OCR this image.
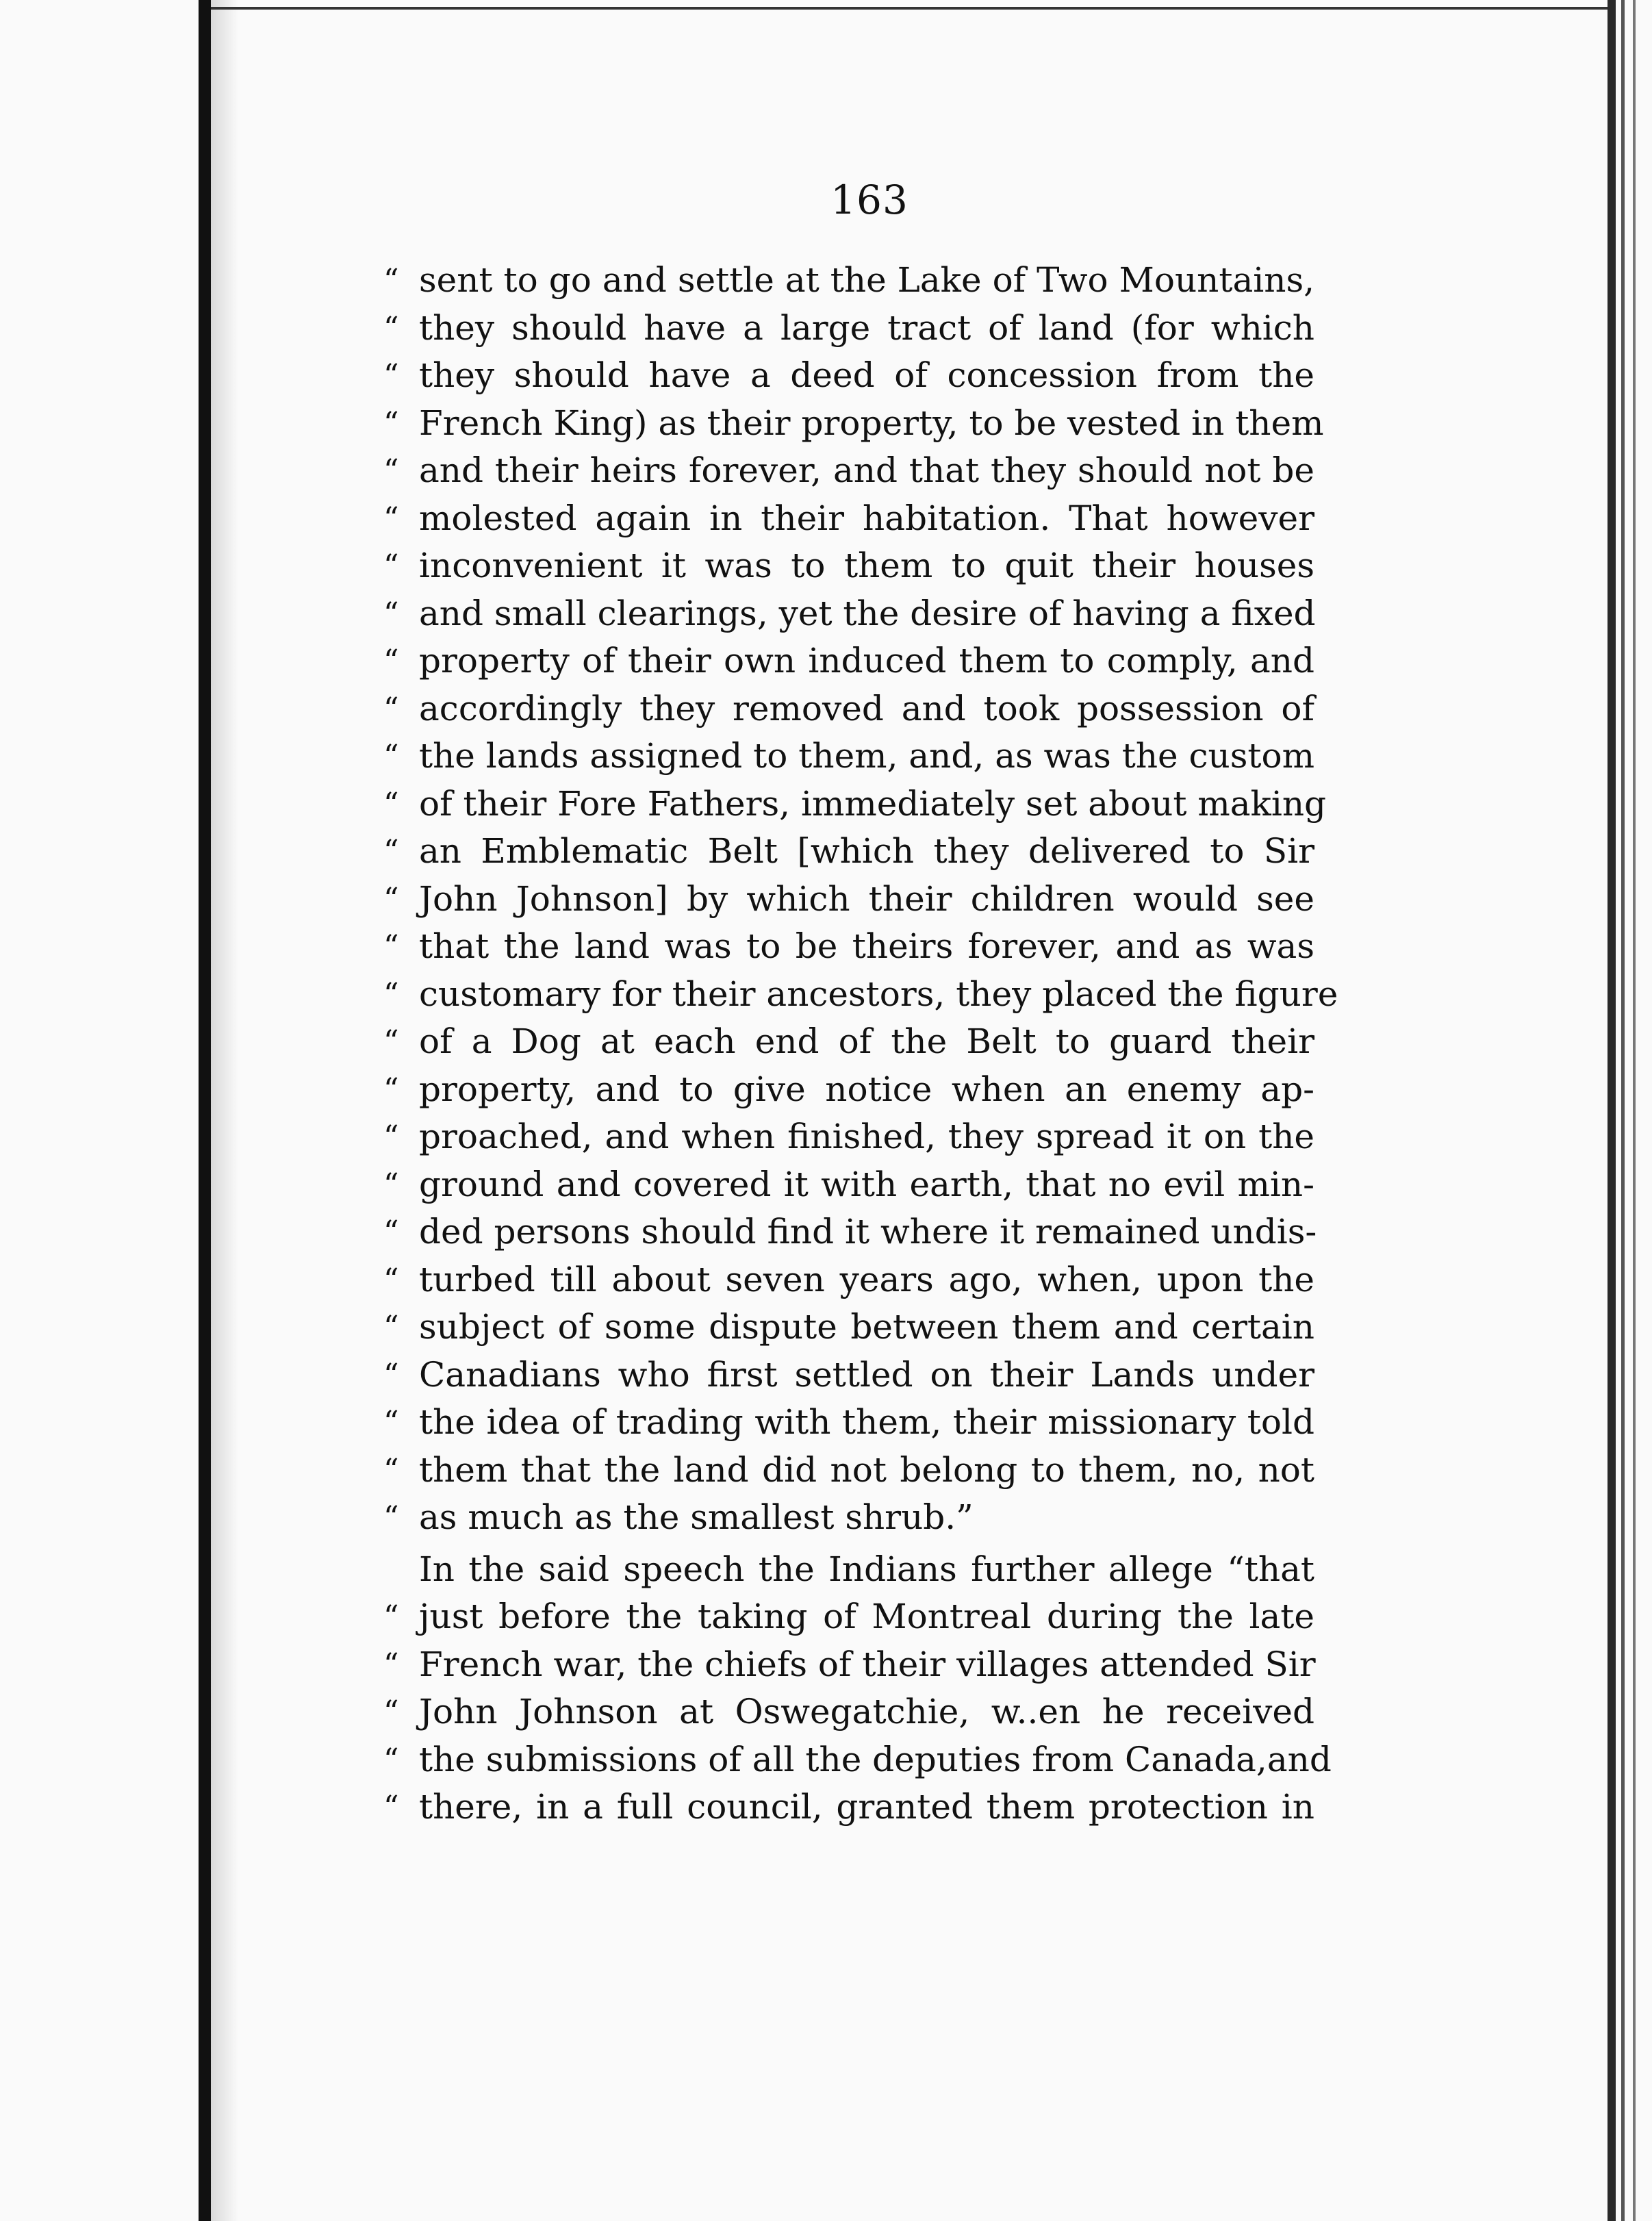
163
“ sent to go and settle at the Lake of Two Mountains,
“ they should have a large tract of land (for which
“ they should have a deed of concession from the
“ French King) as their property, to be vested in them
“ and their heirs forever, and that they should not be
“ molested again in their habitation. That however
“ inconvenient it was to them to quit their houses
“ and small clearings, yet the desire of having a fixed
“ property of their own induced them to comply, and
“ accordingly they removed and took possession of
“ the lands assigned to them, and, as was the custom
“ of their Fore Fathers, immediately set about making
“ an Emblematic Belt [which they delivered to Sir
“ John Johnson] by which their children would see
“ that the land was to be theirs forever, and as was
“ customary for their ancestors, they placed the figure
“ of a Dog at each end of the Belt to guard their
“ property, and to give notice when an enemy ap-
“ proached, and when finished, they spread it on the
“ ground and covered it with earth, that no evil min-
“ ded persons should find it where it remained undis-
“ turbed till about seven years ago, when, upon the
“ subject of some dispute between them and certain
“ Canadians who first settled on their Lands under
“ the idea of trading with them, their missionary told
“ them that the land did not belong to them, no, not
“ as much as the smallest shrub.”
In the said speech the Indians further allege “that
“ just before the taking of Montreal during the late
“ French war, the chiefs of their villages attended Sir
“ John Johnson at Oswegatchie, w..en he received
“ the submissions of all the deputies from Canada,and
“ there, in a full council, granted them protection in
